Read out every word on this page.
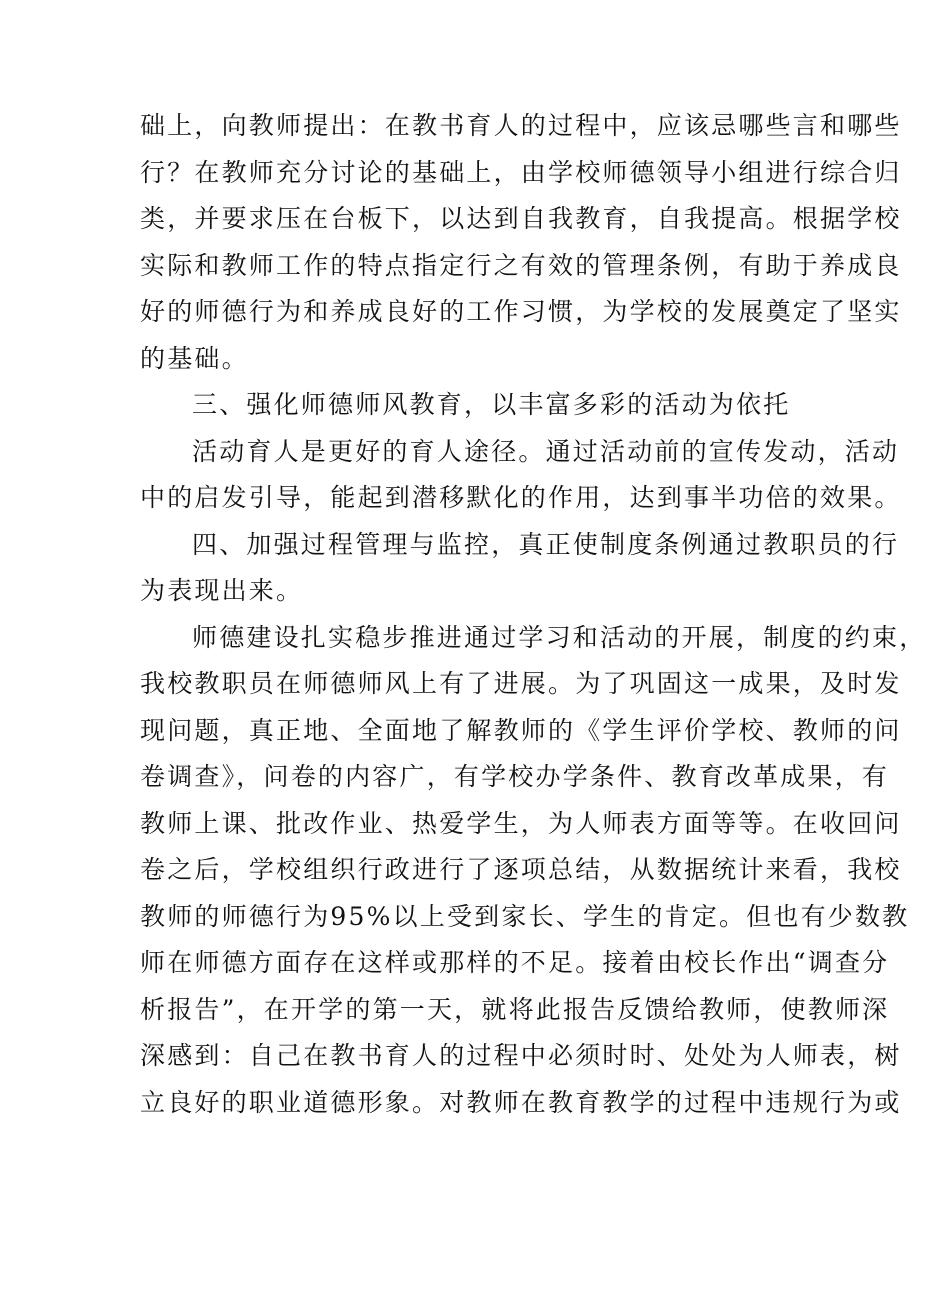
础上，向教师提出：在教书育人的过程中，应该忌哪些言和哪些
行？在教师充分讨论的基础上，由学校师德领导小组进行综合归
类，并要求压在台板下，以达到自我教育，自我提高。根据学校
实际和教师工作的特点指定行之有效的管理条例，有助于养成良
好的师德行为和养成良好的工作习惯，为学校的发展奠定了坚实
的基础。
三、强化师德师风教育，以丰富多彩的活动为依托
活动育人是更好的育人途径。通过活动前的宣传发动，活动
中的启发引导，能起到潜移默化的作用，达到事半功倍的效果。
四、加强过程管理与监控，真正使制度条例通过教职员的行
为表现出来。
师德建设扎实稳步推进通过学习和活动的开展，制度的约束，
我校教职员在师德师风上有了进展。为了巩固这一成果，及时发
现问题，真正地、全面地了解教师的《学生评价学校、教师的问
卷调查》，问卷的内容广，有学校办学条件、教育改革成果，有
教师上课、批改作业、热爱学生，为人师表方面等等。在收回问
卷之后，学校组织行政进行了逐项总结，从数据统计来看，我校
教师的师德行为95%以上受到家长、学生的肯定。但也有少数教
师在师德方面存在这样或那样的不足。接着由校长作出“调查分
析报告”，在开学的第一天，就将此报告反馈给教师，使教师深
深感到：自己在教书育人的过程中必须时时、处处为人师表，树
立良好的职业道德形象。对教师在教育教学的过程中违规行为或
